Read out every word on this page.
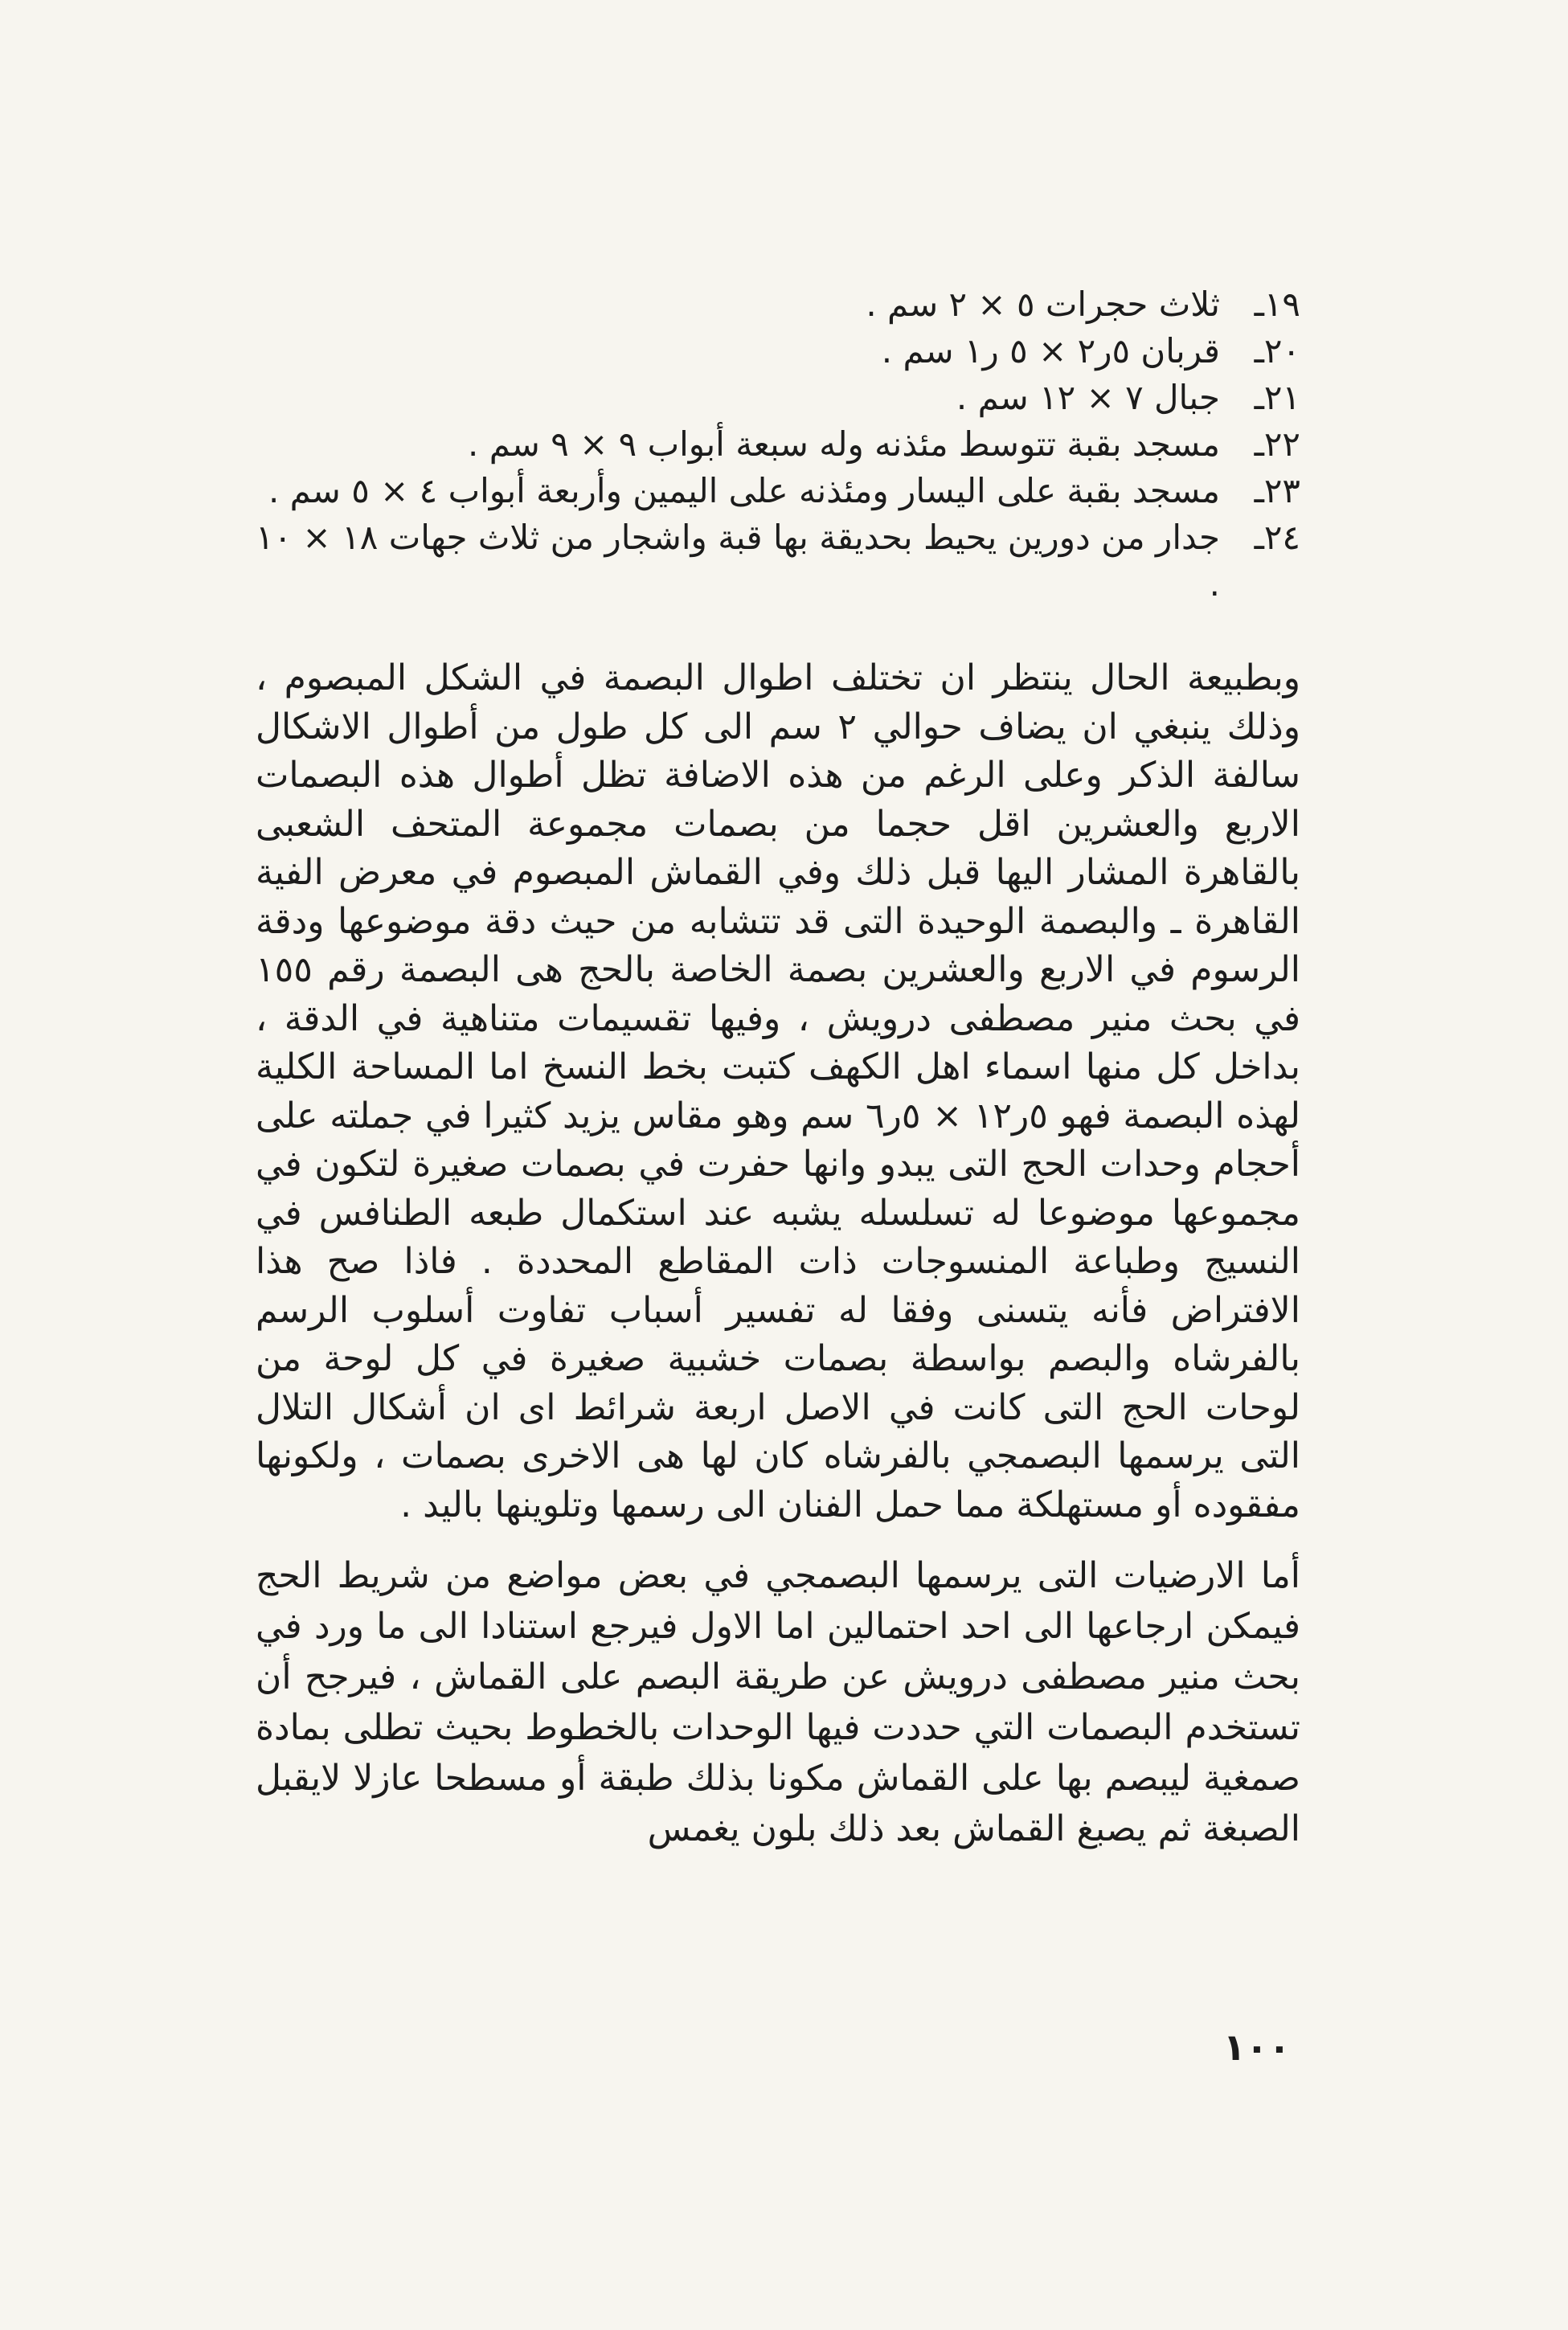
١٩ـ
ثلاث حجرات ٥ × ٢ سم .
٢٠ـ
قربان ٥ر٢ × ٥ ر١ سم .
٢١ـ
جبال ٧ × ١٢ سم .
٢٢ـ
مسجد بقبة تتوسط مئذنه وله سبعة أبواب ٩ × ٩ سم .
٢٣ـ
مسجد بقبة على اليسار ومئذنه على اليمين وأربعة أبواب ٤ × ٥ سم .
٢٤ـ
جدار من دورين يحيط بحديقة بها قبة واشجار من ثلاث جهات ١٨ × ١٠ .

وبطبيعة الحال ينتظر ان تختلف اطوال البصمة في الشكل المبصوم ، وذلك ينبغي ان يضاف حوالي ٢ سم الى كل طول من أطوال الاشكال سالفة الذكر وعلى الرغم من هذه الاضافة تظل أطوال هذه البصمات الاربع والعشرين اقل حجما من بصمات مجموعة المتحف الشعبى بالقاهرة المشار اليها قبل ذلك وفي القماش المبصوم في معرض الفية القاهرة ـ والبصمة الوحيدة التى قد تتشابه من حيث دقة موضوعها ودقة الرسوم في الاربع والعشرين بصمة الخاصة بالحج هى البصمة رقم ١٥٥ في بحث منير مصطفى درويش ، وفيها تقسيمات متناهية في الدقة ، بداخل كل منها اسماء اهل الكهف كتبت بخط النسخ اما المساحة الكلية لهذه البصمة فهو ٥ر١٢ × ٥ر٦ سم وهو مقاس يزيد كثيرا في جملته على أحجام وحدات الحج التى يبدو وانها حفرت في بصمات صغيرة لتكون في مجموعها موضوعا له تسلسله يشبه عند استكمال طبعه الطنافس في النسيج وطباعة المنسوجات ذات المقاطع المحددة . فاذا صح هذا الافتراض فأنه يتسنى وفقا له تفسير أسباب تفاوت أسلوب الرسم بالفرشاه والبصم بواسطة بصمات خشبية صغيرة في كل لوحة من لوحات الحج التى كانت في الاصل اربعة شرائط اى ان أشكال التلال التى يرسمها البصمجي بالفرشاه كان لها هى الاخرى بصمات ، ولكونها مفقوده أو مستهلكة مما حمل الفنان الى رسمها وتلوينها باليد .

أما الارضيات التى يرسمها البصمجي في بعض مواضع من شريط الحج فيمكن ارجاعها الى احد احتمالين اما الاول فيرجع استنادا الى ما ورد في بحث منير مصطفى درويش عن طريقة البصم على القماش ، فيرجح أن تستخدم البصمات التي حددت فيها الوحدات بالخطوط بحيث تطلى بمادة صمغية ليبصم بها على القماش مكونا بذلك طبقة أو مسطحا عازلا لايقبل الصبغة ثم يصبغ القماش بعد ذلك بلون يغمس

١٠٠
